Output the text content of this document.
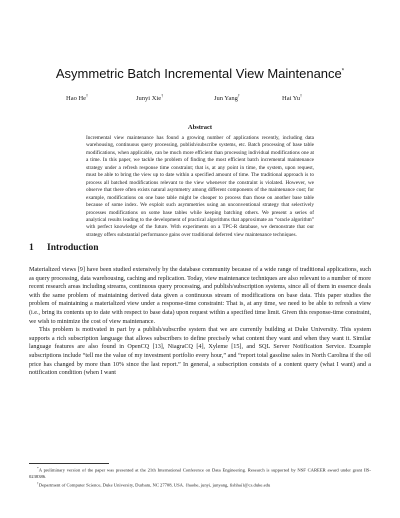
Asymmetric Batch Incremental View Maintenance*
Hao He†	Junyi Xie†	Jun Yang†	Hai Yu†
Abstract

Incremental view maintenance has found a growing number of applications recently, including data warehousing, continuous query processing, publish/subscribe systems, etc. Batch processing of base table modifications, when applicable, can be much more efficient than processing individual modifications one at a time. In this paper, we tackle the problem of finding the most efficient batch incremental maintenance strategy under a refresh response time constraint; that is, at any point in time, the system, upon request, must be able to bring the view up to date within a specified amount of time. The traditional approach is to process all batched modifications relevant to the view whenever the constraint is violated. However, we observe that there often exists natural asymmetry among different components of the maintenance cost; for example, modifications on one base table might be cheaper to process than those on another base table because of some index. We exploit such asymmetries using an unconventional strategy that selectively processes modifications on some base tables while keeping batching others. We present a series of analytical results leading to the development of practical algorithms that approximate an “oracle algorithm” with perfect knowledge of the future. With experiments on a TPC-R database, we demonstrate that our strategy offers substantial performance gains over traditional deferred view maintenance techniques.

1 Introduction

Materialized views [9] have been studied extensively by the database community because of a wide range of traditional applications, such as query processing, data warehousing, caching and replication. Today, view maintenance techniques are also relevant to a number of more recent research areas including streams, continuous query processing, and publish/subscription systems, since all of them in essence deals with the same problem of maintaining derived data given a continuous stream of modifications on base data. This paper studies the problem of maintaining a materialized view under a response-time constraint: That is, at any time, we need to be able to refresh a view (i.e., bring its contents up to date with respect to base data) upon request within a specified time limit. Given this response-time constraint, we wish to minimize the cost of view maintenance.

This problem is motivated in part by a publish/subscribe system that we are currently building at Duke University. This system supports a rich subscription language that allows subscribers to define precisely what content they want and when they want it. Similar language features are also found in OpenCQ [13], NiagraCQ [4], Xyleme [15], and SQL Server Notification Service. Example subscriptions include “tell me the value of my investment portfolio every hour,” and “report total gasoline sales in North Carolina if the oil price has changed by more than 10% since the last report.” In general, a subscription consists of a content query (what I want) and a notification condition (when I want

*A preliminary version of the paper was presented at the 21th International Conference on Data Engineering. Research is supported by NSF CAREER award under grant IIS-0238386.

†Department of Computer Science, Duke University, Durham, NC 27708, USA. {haohe, junyi, junyang, fishhai}@cs.duke.edu
